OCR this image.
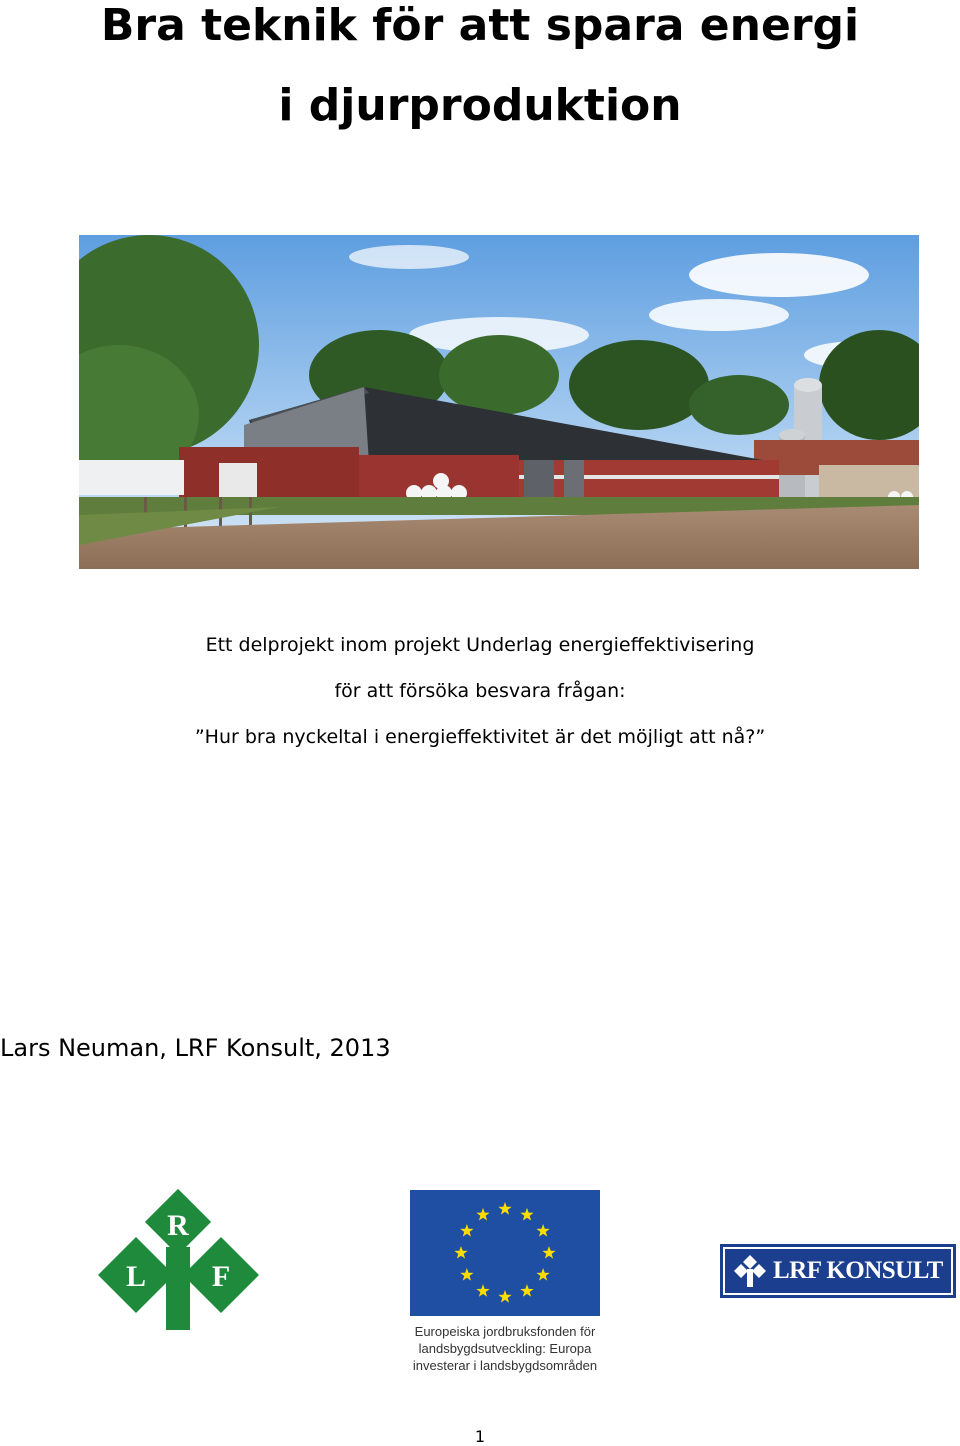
Bra teknik för att spara energi
i djurproduktion

Ett delprojekt inom projekt Underlag energieffektivisering

för att försöka besvara frågan:

”Hur bra nyckeltal i energieffektivitet är det möjligt att nå?”

Lars Neuman, LRF Konsult, 2013

R
L F
Europeiska jordbruksfonden för
landsbygdsutveckling: Europa
investerar i landsbygdsområden
LRF KONSULT
1
